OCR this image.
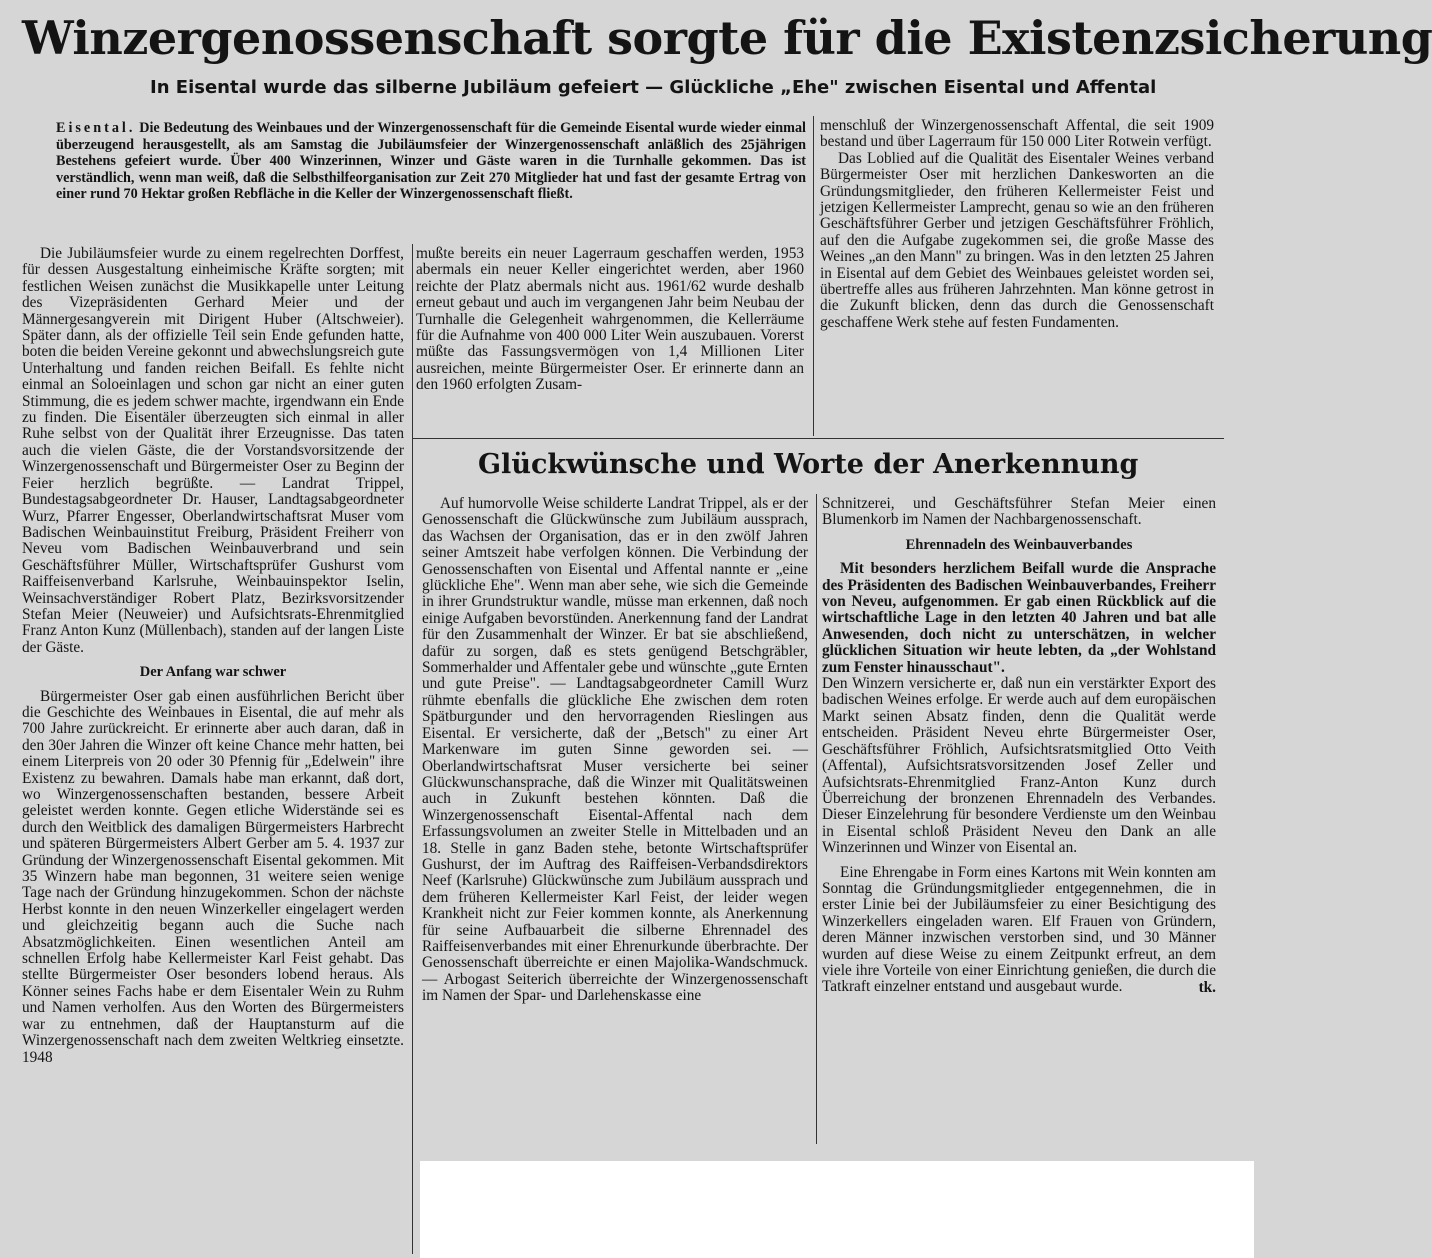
Winzergenossenschaft sorgte für die Existenzsicherung
In Eisental wurde das silberne Jubiläum gefeiert — Glückliche „Ehe" zwischen Eisental und Affental
Eisental. Die Bedeutung des Weinbaues und der Winzergenossenschaft für die Gemeinde Eisental wurde wieder einmal überzeugend herausgestellt, als am Samstag die Jubiläumsfeier der Winzergenossenschaft anläßlich des 25jährigen Bestehens gefeiert wurde. Über 400 Winzerinnen, Winzer und Gäste waren in die Turnhalle gekommen. Das ist verständlich, wenn man weiß, daß die Selbsthilfeorganisation zur Zeit 270 Mitglieder hat und fast der gesamte Ertrag von einer rund 70 Hektar großen Rebfläche in die Keller der Winzergenossenschaft fließt.

menschluß der Winzergenossenschaft Affental, die seit 1909 bestand und über Lagerraum für 150 000 Liter Rotwein verfügt.

Das Loblied auf die Qualität des Eisentaler Weines verband Bürgermeister Oser mit herzlichen Dankesworten an die Gründungsmitglieder, den früheren Kellermeister Feist und jetzigen Kellermeister Lamprecht, genau so wie an den früheren Geschäftsführer Gerber und jetzigen Geschäftsführer Fröhlich, auf den die Aufgabe zugekommen sei, die große Masse des Weines „an den Mann" zu bringen. Was in den letzten 25 Jahren in Eisental auf dem Gebiet des Weinbaues geleistet worden sei, übertreffe alles aus früheren Jahrzehnten. Man könne getrost in die Zukunft blicken, denn das durch die Genossenschaft geschaffene Werk stehe auf festen Fundamenten.

Die Jubiläumsfeier wurde zu einem regelrechten Dorffest, für dessen Ausgestaltung einheimische Kräfte sorgten; mit festlichen Weisen zunächst die Musikkapelle unter Leitung des Vizepräsidenten Gerhard Meier und der Männergesangverein mit Dirigent Huber (Altschweier). Später dann, als der offizielle Teil sein Ende gefunden hatte, boten die beiden Vereine gekonnt und abwechslungsreich gute Unterhaltung und fanden reichen Beifall. Es fehlte nicht einmal an Soloeinlagen und schon gar nicht an einer guten Stimmung, die es jedem schwer machte, irgendwann ein Ende zu finden. Die Eisentäler überzeugten sich einmal in aller Ruhe selbst von der Qualität ihrer Erzeugnisse. Das taten auch die vielen Gäste, die der Vorstandsvorsitzende der Winzergenossenschaft und Bürgermeister Oser zu Beginn der Feier herzlich begrüßte. — Landrat Trippel, Bundestagsabgeordneter Dr. Hauser, Landtagsabgeordneter Wurz, Pfarrer Engesser, Oberlandwirtschaftsrat Muser vom Badischen Weinbauinstitut Freiburg, Präsident Freiherr von Neveu vom Badischen Weinbauverbrand und sein Geschäftsführer Müller, Wirtschaftsprüfer Gushurst vom Raiffeisenverband Karlsruhe, Weinbauinspektor Iselin, Weinsachverständiger Robert Platz, Bezirksvorsitzender Stefan Meier (Neuweier) und Aufsichtsrats-Ehrenmitglied Franz Anton Kunz (Müllenbach), standen auf der langen Liste der Gäste.

Der Anfang war schwer

Bürgermeister Oser gab einen ausführlichen Bericht über die Geschichte des Weinbaues in Eisental, die auf mehr als 700 Jahre zurückreicht. Er erinnerte aber auch daran, daß in den 30er Jahren die Winzer oft keine Chance mehr hatten, bei einem Literpreis von 20 oder 30 Pfennig für „Edelwein" ihre Existenz zu bewahren. Damals habe man erkannt, daß dort, wo Winzergenossenschaften bestanden, bessere Arbeit geleistet werden konnte. Gegen etliche Widerstände sei es durch den Weitblick des damaligen Bürgermeisters Harbrecht und späteren Bürgermeisters Albert Gerber am 5. 4. 1937 zur Gründung der Winzergenossenschaft Eisental gekommen. Mit 35 Winzern habe man begonnen, 31 weitere seien wenige Tage nach der Gründung hinzugekommen. Schon der nächste Herbst konnte in den neuen Winzerkeller eingelagert werden und gleichzeitig begann auch die Suche nach Absatzmöglichkeiten. Einen wesentlichen Anteil am schnellen Erfolg habe Kellermeister Karl Feist gehabt. Das stellte Bürgermeister Oser besonders lobend heraus. Als Könner seines Fachs habe er dem Eisentaler Wein zu Ruhm und Namen verholfen. Aus den Worten des Bürgermeisters war zu entnehmen, daß der Hauptansturm auf die Winzergenossenschaft nach dem zweiten Weltkrieg einsetzte. 1948

mußte bereits ein neuer Lagerraum geschaffen werden, 1953 abermals ein neuer Keller eingerichtet werden, aber 1960 reichte der Platz abermals nicht aus. 1961/62 wurde deshalb erneut gebaut und auch im vergangenen Jahr beim Neubau der Turnhalle die Gelegenheit wahrgenommen, die Kellerräume für die Aufnahme von 400 000 Liter Wein auszubauen. Vorerst müßte das Fassungsvermögen von 1,4 Millionen Liter ausreichen, meinte Bürgermeister Oser. Er erinnerte dann an den 1960 erfolgten Zusam-

Glückwünsche und Worte der Anerkennung

Auf humorvolle Weise schilderte Landrat Trippel, als er der Genossenschaft die Glückwünsche zum Jubiläum aussprach, das Wachsen der Organisation, das er in den zwölf Jahren seiner Amtszeit habe verfolgen können. Die Verbindung der Genossenschaften von Eisental und Affental nannte er „eine glückliche Ehe". Wenn man aber sehe, wie sich die Gemeinde in ihrer Grundstruktur wandle, müsse man erkennen, daß noch einige Aufgaben bevorstünden. Anerkennung fand der Landrat für den Zusammenhalt der Winzer. Er bat sie abschließend, dafür zu sorgen, daß es stets genügend Betschgräbler, Sommerhalder und Affentaler gebe und wünschte „gute Ernten und gute Preise". — Landtagsabgeordneter Camill Wurz rühmte ebenfalls die glückliche Ehe zwischen dem roten Spätburgunder und den hervorragenden Rieslingen aus Eisental. Er versicherte, daß der „Betsch" zu einer Art Markenware im guten Sinne geworden sei. — Oberlandwirtschaftsrat Muser versicherte bei seiner Glückwunschansprache, daß die Winzer mit Qualitätsweinen auch in Zukunft bestehen könnten. Daß die Winzergenossenschaft Eisental-Affental nach dem Erfassungsvolumen an zweiter Stelle in Mittelbaden und an 18. Stelle in ganz Baden stehe, betonte Wirtschaftsprüfer Gushurst, der im Auftrag des Raiffeisen-Verbandsdirektors Neef (Karlsruhe) Glückwünsche zum Jubiläum aussprach und dem früheren Kellermeister Karl Feist, der leider wegen Krankheit nicht zur Feier kommen konnte, als Anerkennung für seine Aufbauarbeit die silberne Ehrennadel des Raiffeisenverbandes mit einer Ehrenurkunde überbrachte. Der Genossenschaft überreichte er einen Majolika-Wandschmuck. — Arbogast Seiterich überreichte der Winzergenossenschaft im Namen der Spar- und Darlehenskasse eine

Schnitzerei, und Geschäftsführer Stefan Meier einen Blumenkorb im Namen der Nachbargenossenschaft.

Ehrennadeln des Weinbauverbandes

Mit besonders herzlichem Beifall wurde die Ansprache des Präsidenten des Badischen Weinbauverbandes, Freiherr von Neveu, aufgenommen. Er gab einen Rückblick auf die wirtschaftliche Lage in den letzten 40 Jahren und bat alle Anwesenden, doch nicht zu unterschätzen, in welcher glücklichen Situation wir heute lebten, da „der Wohlstand zum Fenster hinausschaut".

Den Winzern versicherte er, daß nun ein verstärkter Export des badischen Weines erfolge. Er werde auch auf dem europäischen Markt seinen Absatz finden, denn die Qualität werde entscheiden. Präsident Neveu ehrte Bürgermeister Oser, Geschäftsführer Fröhlich, Aufsichtsratsmitglied Otto Veith (Affental), Aufsichtsratsvorsitzenden Josef Zeller und Aufsichtsrats-Ehrenmitglied Franz-Anton Kunz durch Überreichung der bronzenen Ehrennadeln des Verbandes. Dieser Einzelehrung für besondere Verdienste um den Weinbau in Eisental schloß Präsident Neveu den Dank an alle Winzerinnen und Winzer von Eisental an.

Eine Ehrengabe in Form eines Kartons mit Wein konnten am Sonntag die Gründungsmitglieder entgegennehmen, die in erster Linie bei der Jubiläumsfeier zu einer Besichtigung des Winzerkellers eingeladen waren. Elf Frauen von Gründern, deren Männer inzwischen verstorben sind, und 30 Männer wurden auf diese Weise zu einem Zeitpunkt erfreut, an dem viele ihre Vorteile von einer Einrichtung genießen, die durch die Tatkraft einzelner entstand und ausgebaut wurde.	tk.
